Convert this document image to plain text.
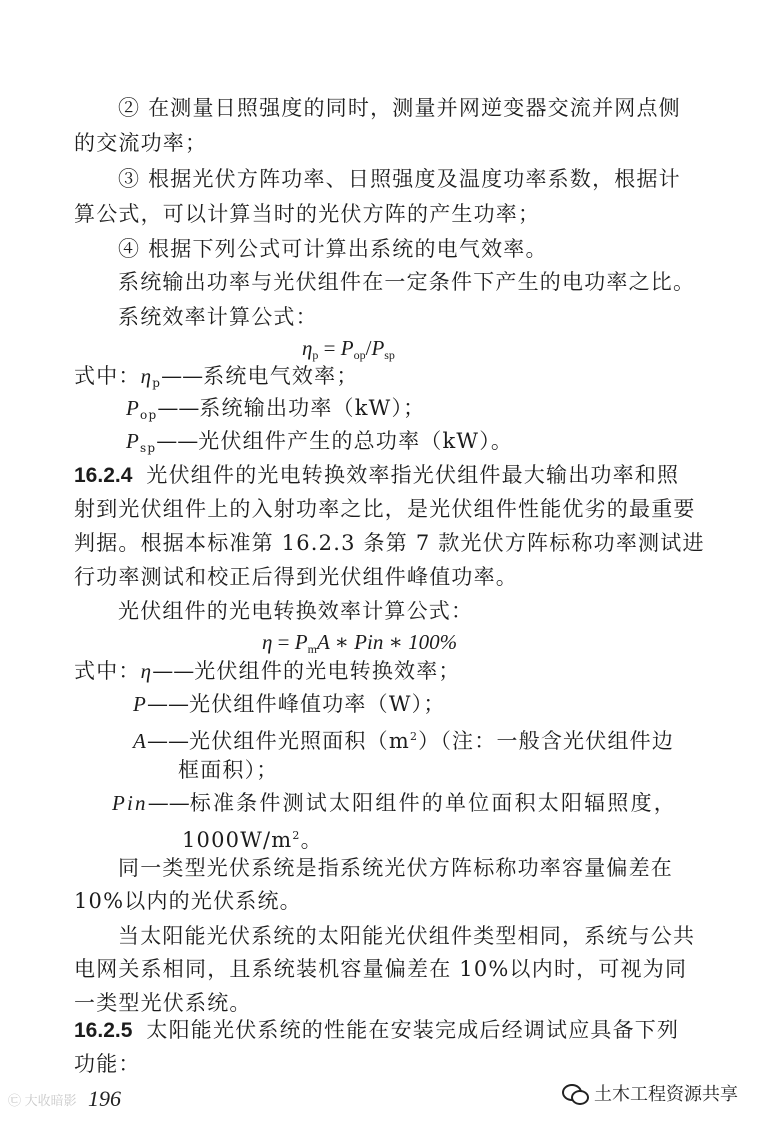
② 在测量日照强度的同时，测量并网逆变器交流并网点侧
的交流功率；
③ 根据光伏方阵功率、日照强度及温度功率系数，根据计
算公式，可以计算当时的光伏方阵的产生功率；
④ 根据下列公式可计算出系统的电气效率。
系统输出功率与光伏组件在一定条件下产生的电功率之比。
系统效率计算公式：
ηp = Pop/Psp
式中：ηp——系统电气效率；
Pop——系统输出功率（kW）；
Psp——光伏组件产生的总功率（kW）。
16.2.4 光伏组件的光电转换效率指光伏组件最大输出功率和照
射到光伏组件上的入射功率之比，是光伏组件性能优劣的最重要
判据。根据本标准第 16.2.3 条第 7 款光伏方阵标称功率测试进
行功率测试和校正后得到光伏组件峰值功率。
光伏组件的光电转换效率计算公式：
η = PmA ∗ Pin ∗ 100%
式中：η——光伏组件的光电转换效率；
P——光伏组件峰值功率（W）；
A——光伏组件光照面积（m2）（注：一般含光伏组件边
框面积）；
Pin——标准条件测试太阳组件的单位面积太阳辐照度，
1000W/m2。
同一类型光伏系统是指系统光伏方阵标称功率容量偏差在
10%以内的光伏系统。
当太阳能光伏系统的太阳能光伏组件类型相同，系统与公共
电网关系相同，且系统装机容量偏差在 10%以内时，可视为同
一类型光伏系统。
16.2.5 太阳能光伏系统的性能在安装完成后经调试应具备下列
功能：
㉢ 大收暗影 196	土木工程资源共享
